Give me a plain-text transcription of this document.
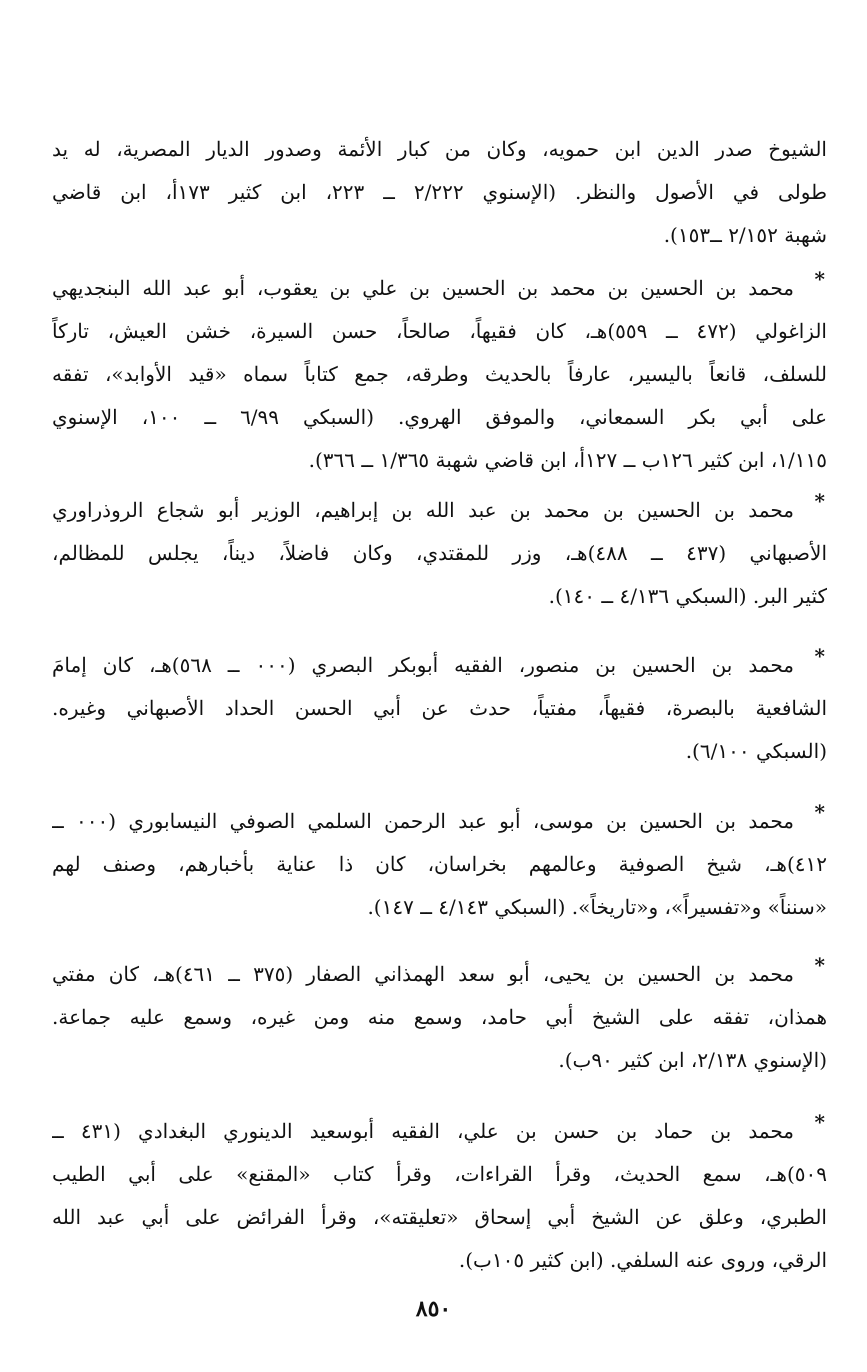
الشيوخ صدر الدين ابن حمويه، وكان من كبار الأئمة وصدور الديار المصرية، له يد
طولى في الأصول والنظر. (الإسنوي ٢/٢٢٢ ــ ٢٢٣، ابن كثير ١٧٣أ، ابن قاضي
شهبة ٢/١٥٢ ــ١٥٣).
*
محمد بن الحسين بن محمد بن الحسين بن علي بن يعقوب، أبو عبد الله البنجديهي
الزاغولي (٤٧٢ ــ ٥٥٩)هـ، كان فقيهاً، صالحاً، حسن السيرة، خشن العيش، تاركاً
للسلف، قانعاً باليسير، عارفاً بالحديث وطرقه، جمع كتاباً سماه «قيد الأوابد»، تفقه
على أبي بكر السمعاني، والموفق الهروي. (السبكي ٦/٩٩ ــ ١٠٠، الإسنوي
١/١١٥، ابن كثير ١٢٦ب ــ ١٢٧أ، ابن قاضي شهبة ١/٣٦٥ ــ ٣٦٦).
*
محمد بن الحسين بن محمد بن عبد الله بن إبراهيم، الوزير أبو شجاع الروذراوري
الأصبهاني (٤٣٧ ــ ٤٨٨)هـ، وزر للمقتدي، وكان فاضلاً، ديناً، يجلس للمظالم،
كثير البر. (السبكي ٤/١٣٦ ــ ١٤٠).
*
محمد بن الحسين بن منصور، الفقيه أبوبكر البصري (٠٠٠ ــ ٥٦٨)هـ، كان إمامَ
الشافعية بالبصرة، فقيهاً، مفتياً، حدث عن أبي الحسن الحداد الأصبهاني وغيره.
(السبكي ٦/١٠٠).
*
محمد بن الحسين بن موسى، أبو عبد الرحمن السلمي الصوفي النيسابوري (٠٠٠ ــ
٤١٢)هـ، شيخ الصوفية وعالمهم بخراسان، كان ذا عناية بأخبارهم، وصنف لهم
«سنناً» و«تفسيراً»، و«تاريخاً». (السبكي ٤/١٤٣ ــ ١٤٧).
*
محمد بن الحسين بن يحيى، أبو سعد الهمذاني الصفار (٣٧٥ ــ ٤٦١)هـ، كان مفتي
همذان، تفقه على الشيخ أبي حامد، وسمع منه ومن غيره، وسمع عليه جماعة.
(الإسنوي ٢/١٣٨، ابن كثير ٩٠ب).
*
محمد بن حماد بن حسن بن علي، الفقيه أبوسعيد الدينوري البغدادي (٤٣١ ــ
٥٠٩)هـ، سمع الحديث، وقرأ القراءات، وقرأ كتاب «المقنع» على أبي الطيب
الطبري، وعلق عن الشيخ أبي إسحاق «تعليقته»، وقرأ الفرائض على أبي عبد الله
الرقي، وروى عنه السلفي. (ابن كثير ١٠٥ب).
٨٥٠
